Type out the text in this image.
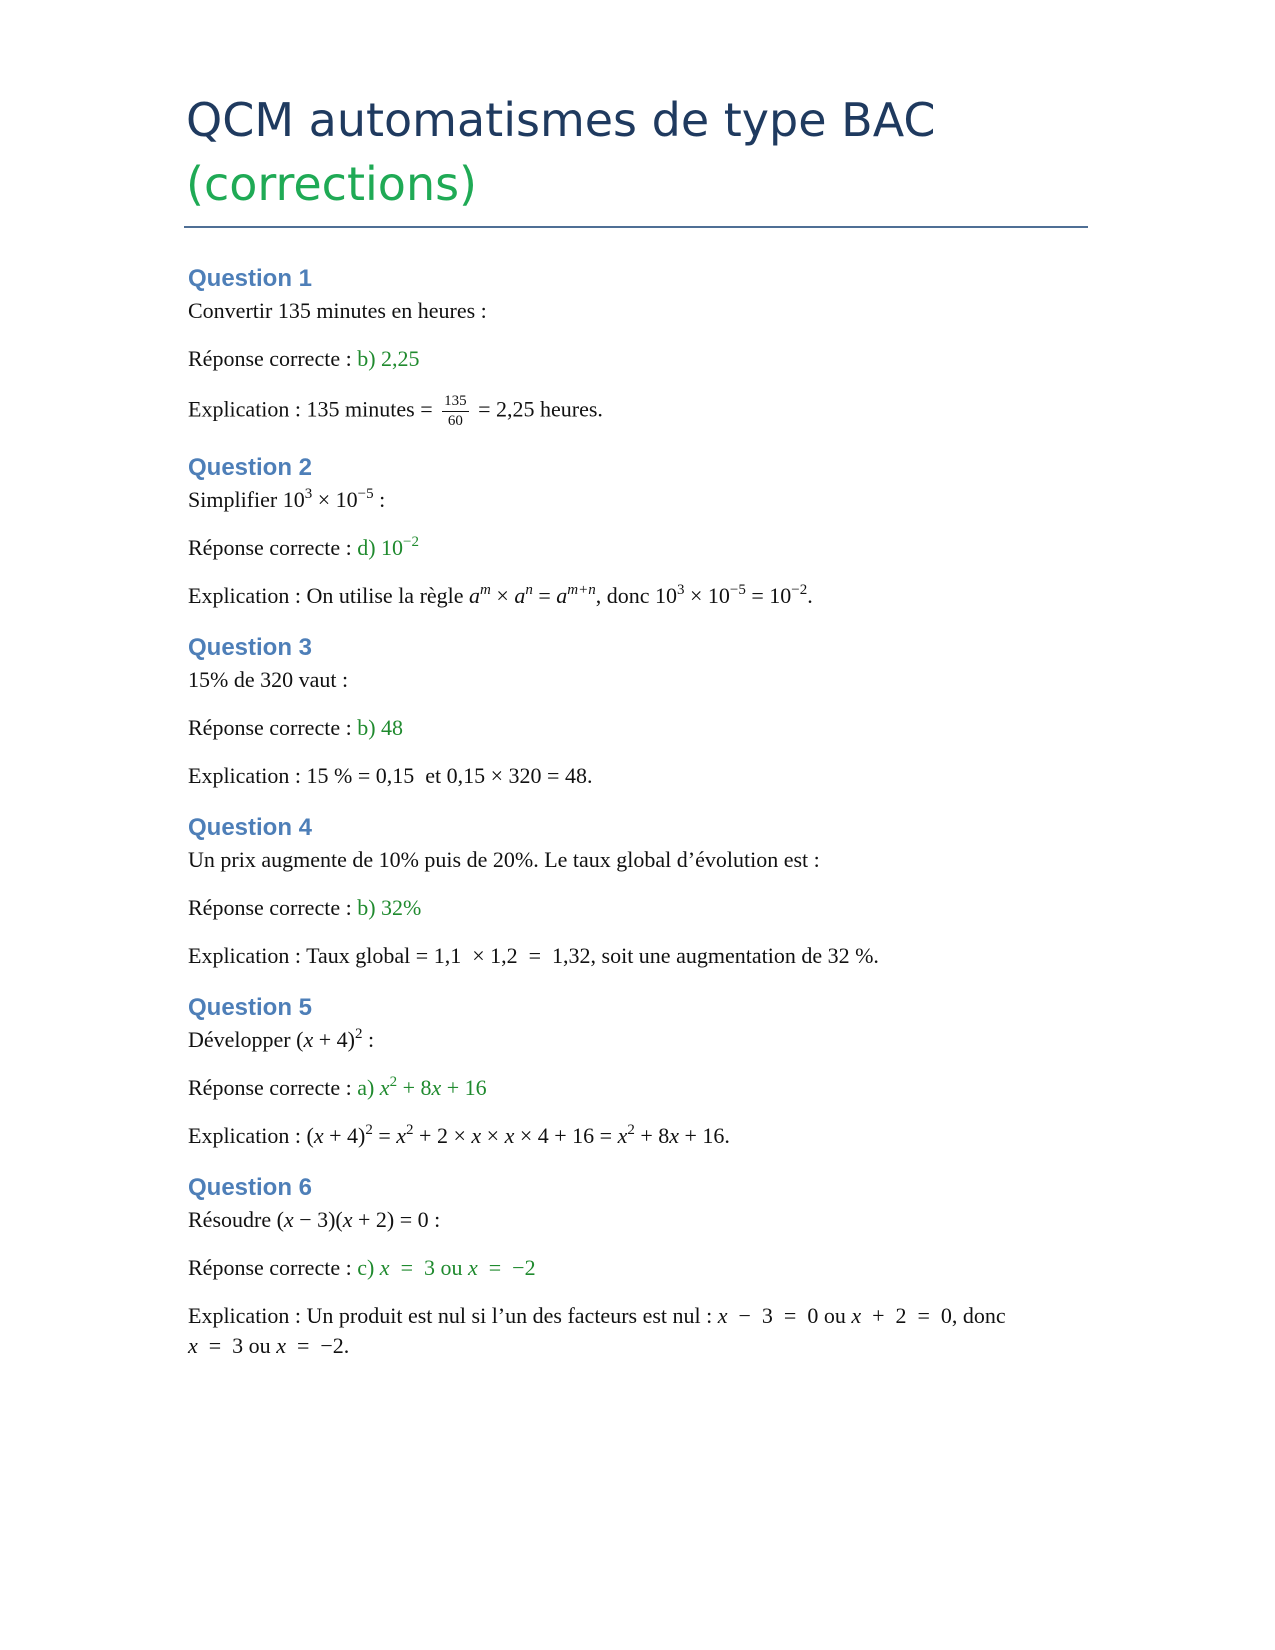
QCM automatismes de type BAC
(corrections)

Question 1

Convertir 135 minutes en heures :

Réponse correcte : b) 2,25

Explication : 135 minutes = $\frac{135}{60} = 2,25$ heures.

Question 2

Simplifier $10^3 \times 10^{-5}$ :

Réponse correcte : d) $10^{-2}$

Explication : On utilise la règle $a^m \times a^n = a^{m+n}$, donc $10^3 \times 10^{-5} = 10^{-2}$.

Question 3

15% de 320 vaut :

Réponse correcte : b) 48

Explication : 15 % = 0,15  et 0,15 × 320 = 48.

Question 4

Un prix augmente de 10% puis de 20%. Le taux global d’évolution est :

Réponse correcte : b) 32%

Explication : Taux global = 1,1  × 1,2  =  1,32, soit une augmentation de 32 %.

Question 5

Développer $(x + 4)^2$ :

Réponse correcte : a) $x^2 + 8x + 16$

Explication : $(x + 4)^2 = x^2 + 2 \times x \times x \times 4 + 16 = x^2 + 8x + 16$.

Question 6

Résoudre (x − 3)(x + 2) = 0 :

Réponse correcte : c) x  =  3 ou x  =  −2

Explication : Un produit est nul si l’un des facteurs est nul : x  −  3  =  0 ou x  +  2  =  0, donc

x  =  3 ou x  =  −2.
